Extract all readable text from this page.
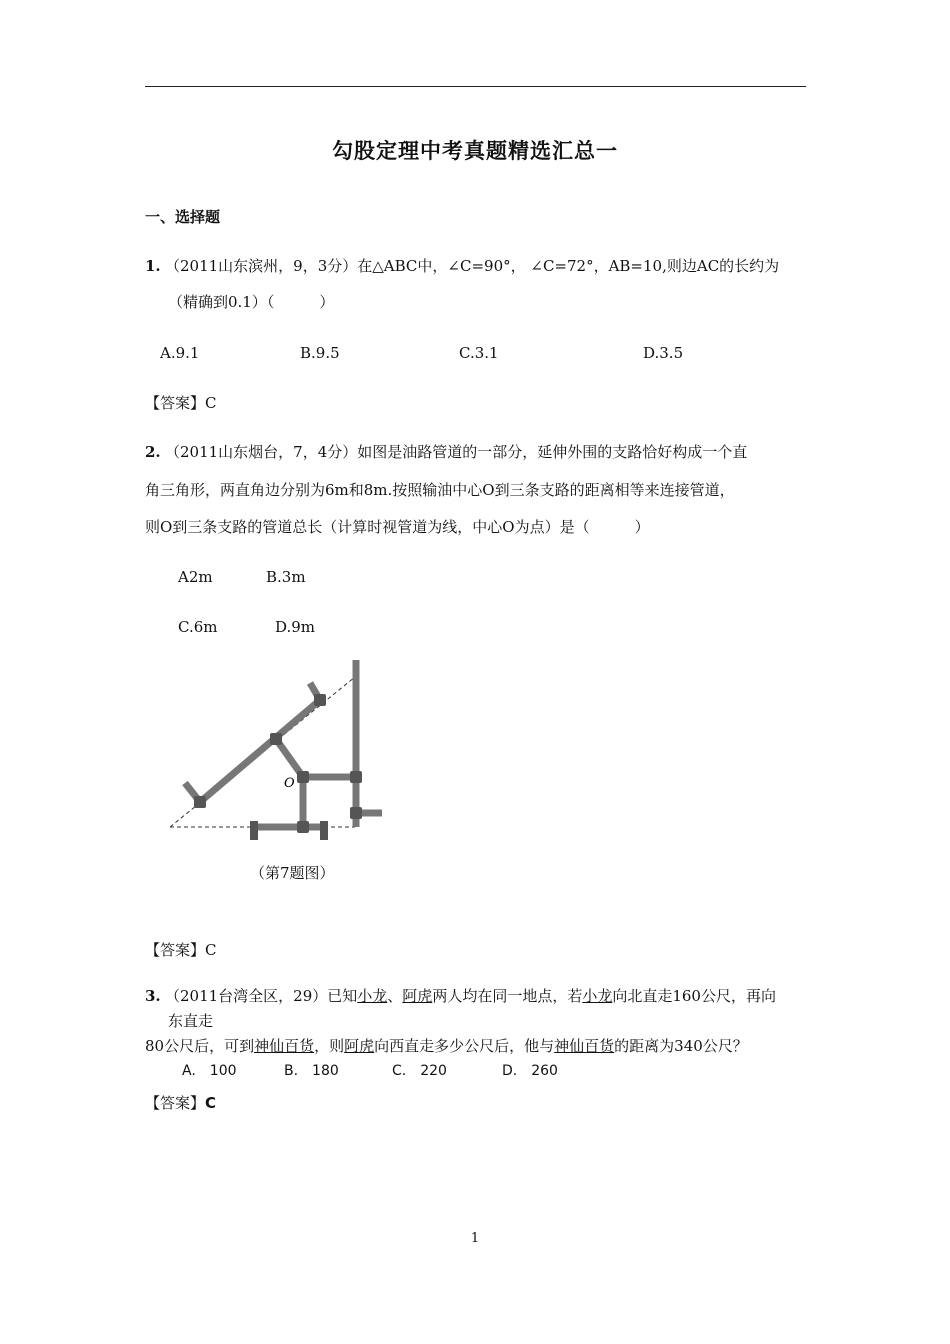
勾股定理中考真题精选汇总一
一、选择题
1. （2011山东滨州，9，3分）在△ABC中，∠C=90°， ∠C=72°，AB=10,则边AC的长约为
（精确到0.1）（　　　）
A.9.1	B.9.5	C.3.1	D.3.5
【答案】C
2. （2011山东烟台，7，4分）如图是油路管道的一部分，延伸外围的支路恰好构成一个直
角三角形，两直角边分别为6m和8m.按照输油中心O到三条支路的距离相等来连接管道，
则O到三条支路的管道总长（计算时视管道为线，中心O为点）是（　　　）
A2m	B.3m
C.6m	D.9m
O
（第7题图）
【答案】C
3. （2011台湾全区，29）已知小龙、阿虎两人均在同一地点，若小龙向北直走160公尺，再向
东直走
80公尺后，可到神仙百货，则阿虎向西直走多少公尺后，他与神仙百货的距离为340公尺？
A.　100	B.　180	C.　220	D.　260
【答案】C
1
